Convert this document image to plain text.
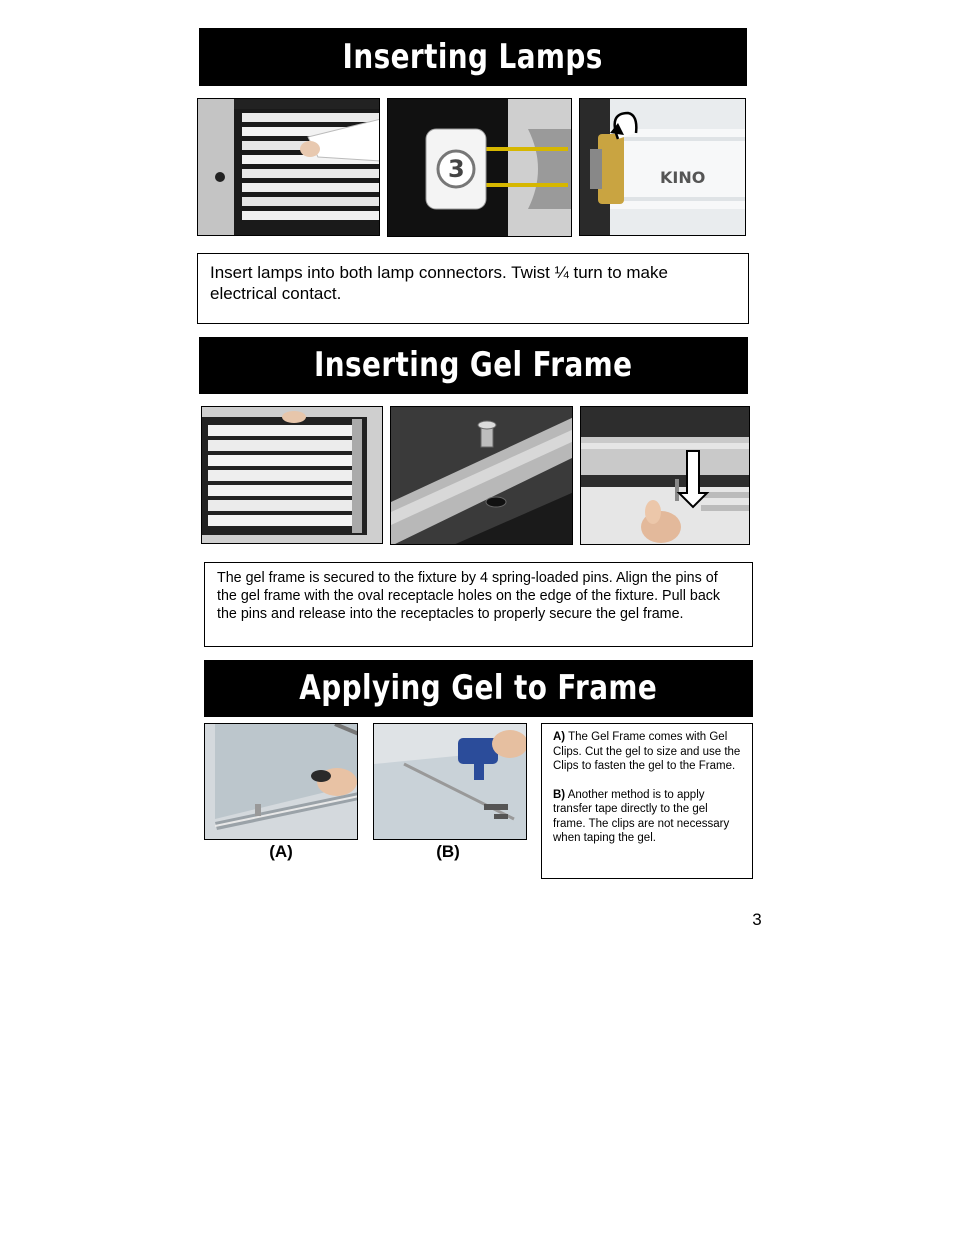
Inserting Lamps
3	KINO
Insert lamps into both lamp connectors. Twist ¼ turn to make electrical contact.
Inserting Gel Frame
The gel frame is secured to the fixture by 4 spring-loaded pins. Align the pins of the gel frame with the oval receptacle holes on the edge of the fixture. Pull back the pins and release into the receptacles to properly secure the gel frame.
Applying Gel to Frame
(A)	(B)
A) The Gel Frame comes with Gel Clips. Cut the gel to size and use the Clips to fasten the gel to the Frame.
B) Another method is to apply transfer tape directly to the gel frame. The clips are not necessary when taping the gel.
3
